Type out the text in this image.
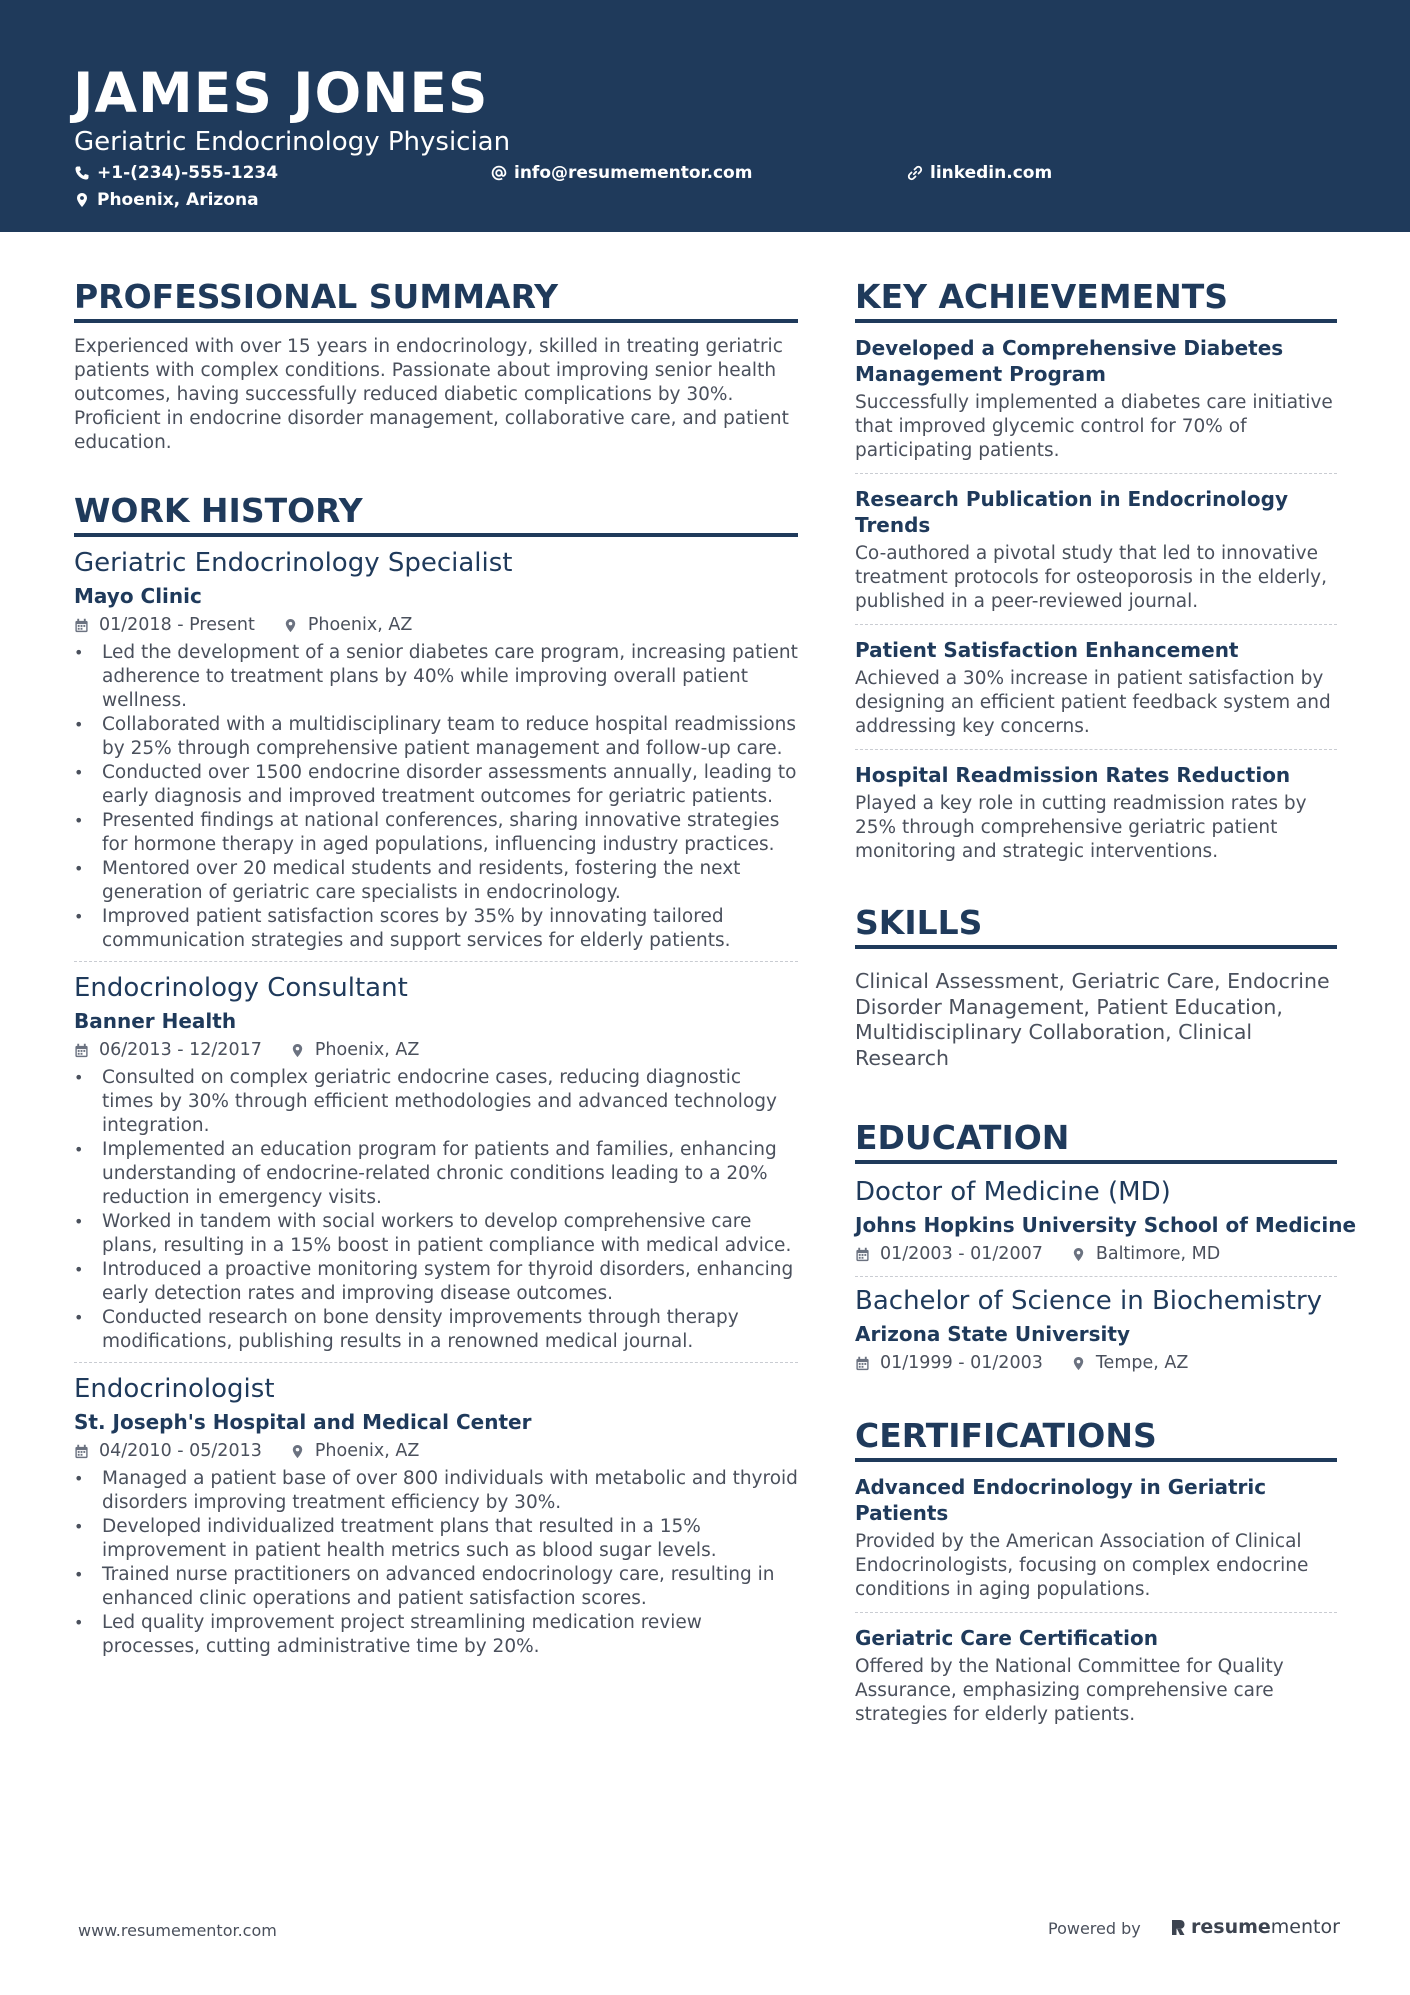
JAMES JONES
Geriatric Endocrinology Physician
+1-(234)-555-1234	info@resumementor.com	linkedin.com
Phoenix, Arizona
PROFESSIONAL SUMMARY
Experienced with over 15 years in endocrinology, skilled in treating geriatric patients with complex conditions. Passionate about improving senior health outcomes, having successfully reduced diabetic complications by 30%. Proficient in endocrine disorder management, collaborative care, and patient education.
WORK HISTORY
Geriatric Endocrinology Specialist
Mayo Clinic
01/2018 - Present	Phoenix, AZ
• Led the development of a senior diabetes care program, increasing patient adherence to treatment plans by 40% while improving overall patient wellness.
• Collaborated with a multidisciplinary team to reduce hospital readmissions by 25% through comprehensive patient management and follow-up care.
• Conducted over 1500 endocrine disorder assessments annually, leading to early diagnosis and improved treatment outcomes for geriatric patients.
• Presented findings at national conferences, sharing innovative strategies for hormone therapy in aged populations, influencing industry practices.
• Mentored over 20 medical students and residents, fostering the next generation of geriatric care specialists in endocrinology.
• Improved patient satisfaction scores by 35% by innovating tailored communication strategies and support services for elderly patients.
Endocrinology Consultant
Banner Health
06/2013 - 12/2017	Phoenix, AZ
• Consulted on complex geriatric endocrine cases, reducing diagnostic times by 30% through efficient methodologies and advanced technology integration.
• Implemented an education program for patients and families, enhancing understanding of endocrine-related chronic conditions leading to a 20% reduction in emergency visits.
• Worked in tandem with social workers to develop comprehensive care plans, resulting in a 15% boost in patient compliance with medical advice.
• Introduced a proactive monitoring system for thyroid disorders, enhancing early detection rates and improving disease outcomes.
• Conducted research on bone density improvements through therapy modifications, publishing results in a renowned medical journal.
Endocrinologist
St. Joseph's Hospital and Medical Center
04/2010 - 05/2013	Phoenix, AZ
• Managed a patient base of over 800 individuals with metabolic and thyroid disorders improving treatment efficiency by 30%.
• Developed individualized treatment plans that resulted in a 15% improvement in patient health metrics such as blood sugar levels.
• Trained nurse practitioners on advanced endocrinology care, resulting in enhanced clinic operations and patient satisfaction scores.
• Led quality improvement project streamlining medication review processes, cutting administrative time by 20%.
KEY ACHIEVEMENTS
Developed a Comprehensive Diabetes Management Program
Successfully implemented a diabetes care initiative that improved glycemic control for 70% of participating patients.
Research Publication in Endocrinology Trends
Co-authored a pivotal study that led to innovative treatment protocols for osteoporosis in the elderly, published in a peer-reviewed journal.
Patient Satisfaction Enhancement
Achieved a 30% increase in patient satisfaction by designing an efficient patient feedback system and addressing key concerns.
Hospital Readmission Rates Reduction
Played a key role in cutting readmission rates by 25% through comprehensive geriatric patient monitoring and strategic interventions.
SKILLS
Clinical Assessment, Geriatric Care, Endocrine Disorder Management, Patient Education, Multidisciplinary Collaboration, Clinical Research
EDUCATION
Doctor of Medicine (MD)
Johns Hopkins University School of Medicine
01/2003 - 01/2007	Baltimore, MD
Bachelor of Science in Biochemistry
Arizona State University
01/1999 - 01/2003	Tempe, AZ
CERTIFICATIONS
Advanced Endocrinology in Geriatric Patients
Provided by the American Association of Clinical Endocrinologists, focusing on complex endocrine conditions in aging populations.
Geriatric Care Certification
Offered by the National Committee for Quality Assurance, emphasizing comprehensive care strategies for elderly patients.
www.resumementor.com	Powered by	resume mentor
